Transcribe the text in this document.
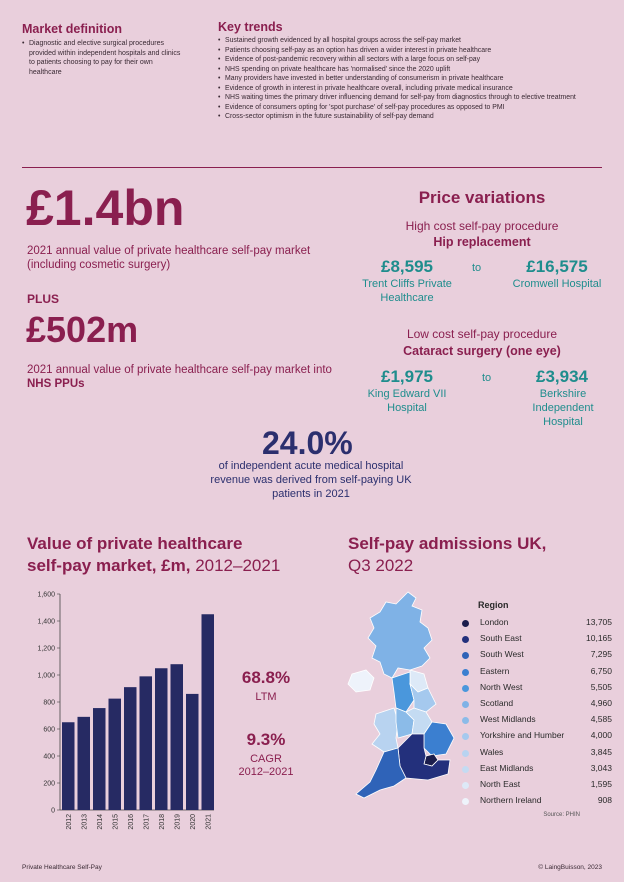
Market definition
• Diagnostic and elective surgical procedures provided within independent hospitals and clinics to patients choosing to pay for their own healthcare
Key trends
• Sustained growth evidenced by all hospital groups across the self-pay market
• Patients choosing self-pay as an option has driven a wider interest in private healthcare
• Evidence of post-pandemic recovery within all sectors with a large focus on self-pay
• NHS spending on private healthcare has 'normalised' since the 2020 uplift
• Many providers have invested in better understanding of consumerism in private healthcare
• Evidence of growth in interest in private healthcare overall, including private medical insurance
• NHS waiting times the primary driver influencing demand for self-pay from diagnostics through to elective treatment
• Evidence of consumers opting for 'spot purchase' of self-pay procedures as opposed to PMI
• Cross-sector optimism in the future sustainability of self-pay demand
£1.4bn
2021 annual value of private healthcare self-pay market (including cosmetic surgery)
PLUS
£502m
2021 annual value of private healthcare self-pay market into
NHS PPUs
24.0%
of independent acute medical hospital revenue was derived from self-paying UK patients in 2021
Price variations
High cost self-pay procedure
Hip replacement
£8,595
Trent Cliffs Private Healthcare
to	£16,575
Cromwell Hospital
Low cost self-pay procedure
Cataract surgery (one eye)
£1,975
King Edward VII Hospital
to	£3,934
Berkshire Independent Hospital
Value of private healthcare
self-pay market, £m, 2012–2021
0
200
400
600
800
1,000
1,200
1,400
1,600
2012 2013 2014 2015 2016 2017 2018 2019 2020 2021
68.8%
LTM
9.3%
CAGR
2012–2021
Self-pay admissions UK,
Q3 2022
Region
London	13,705
South East	10,165
South West	7,295
Eastern	6,750
North West	5,505
Scotland	4,960
West Midlands	4,585
Yorkshire and Humber	4,000
Wales	3,845
East Midlands	3,043
North East	1,595
Northern Ireland	908
Source: PHIN
Private Healthcare Self-Pay	© LaingBuisson, 2023
